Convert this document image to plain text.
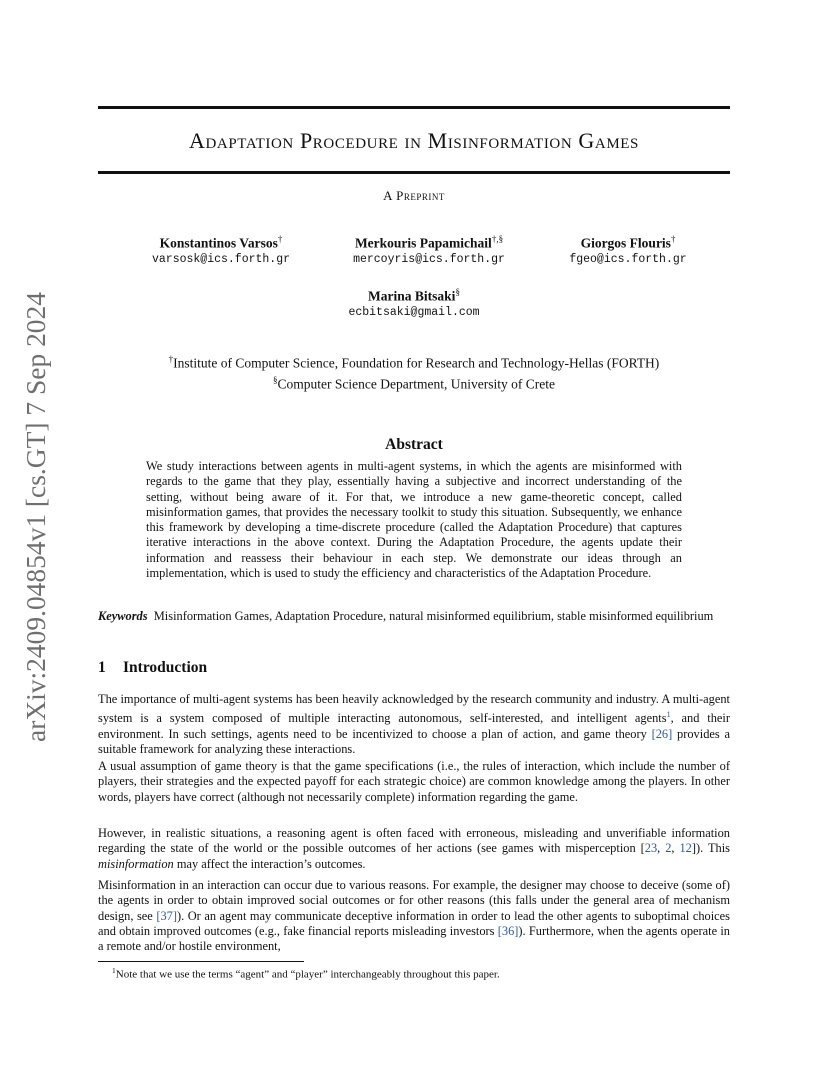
arXiv:2409.04854v1 [cs.GT] 7 Sep 2024
Adaptation Procedure in Misinformation Games
A Preprint
Konstantinos Varsos†
varsosk@ics.forth.gr
Merkouris Papamichail†,§
mercoyris@ics.forth.gr
Giorgos Flouris†
fgeo@ics.forth.gr
Marina Bitsaki§
ecbitsaki@gmail.com
†Institute of Computer Science, Foundation for Research and Technology-Hellas (FORTH)
§Computer Science Department, University of Crete
Abstract

We study interactions between agents in multi-agent systems, in which the agents are misinformed with regards to the game that they play, essentially having a subjective and incorrect understanding of the setting, without being aware of it. For that, we introduce a new game-theoretic concept, called misinformation games, that provides the necessary toolkit to study this situation. Subsequently, we enhance this framework by developing a time-discrete procedure (called the Adaptation Procedure) that captures iterative interactions in the above context. During the Adaptation Procedure, the agents update their information and reassess their behaviour in each step. We demonstrate our ideas through an implementation, which is used to study the efficiency and characteristics of the Adaptation Procedure.

Keywords Misinformation Games, Adaptation Procedure, natural misinformed equilibrium, stable misinformed equilibrium

1 Introduction

The importance of multi-agent systems has been heavily acknowledged by the research community and industry. A multi-agent system is a system composed of multiple interacting autonomous, self-interested, and intelligent agents$^1$, and their environment. In such settings, agents need to be incentivized to choose a plan of action, and game theory [26] provides a suitable framework for analyzing these interactions.

A usual assumption of game theory is that the game specifications (i.e., the rules of interaction, which include the number of players, their strategies and the expected payoff for each strategic choice) are common knowledge among the players. In other words, players have correct (although not necessarily complete) information regarding the game.

However, in realistic situations, a reasoning agent is often faced with erroneous, misleading and unverifiable information regarding the state of the world or the possible outcomes of her actions (see games with misperception [23, 2, 12]). This misinformation may affect the interaction’s outcomes.

Misinformation in an interaction can occur due to various reasons. For example, the designer may choose to deceive (some of) the agents in order to obtain improved social outcomes or for other reasons (this falls under the general area of mechanism design, see [37]). Or an agent may communicate deceptive information in order to lead the other agents to suboptimal choices and obtain improved outcomes (e.g., fake financial reports misleading investors [36]). Furthermore, when the agents operate in a remote and/or hostile environment,

$^1$Note that we use the terms “agent” and “player” interchangeably throughout this paper.
